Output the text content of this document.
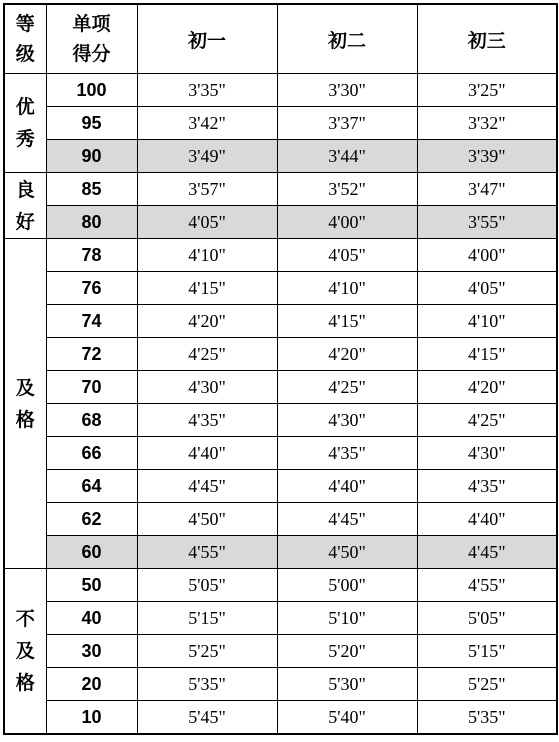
等级	单项得分	初一	初二	初三
优秀	100	3'35"	3'30"	3'25"
	95	3'42"	3'37"	3'32"
	90	3'49"	3'44"	3'39"
良好	85	3'57"	3'52"	3'47"
	80	4'05"	4'00"	3'55"
及格	78	4'10"	4'05"	4'00"
	76	4'15"	4'10"	4'05"
	74	4'20"	4'15"	4'10"
	72	4'25"	4'20"	4'15"
	70	4'30"	4'25"	4'20"
	68	4'35"	4'30"	4'25"
	66	4'40"	4'35"	4'30"
	64	4'45"	4'40"	4'35"
	62	4'50"	4'45"	4'40"
	60	4'55"	4'50"	4'45"
不及格	50	5'05"	5'00"	4'55"
	40	5'15"	5'10"	5'05"
	30	5'25"	5'20"	5'15"
	20	5'35"	5'30"	5'25"
	10	5'45"	5'40"	5'35"
